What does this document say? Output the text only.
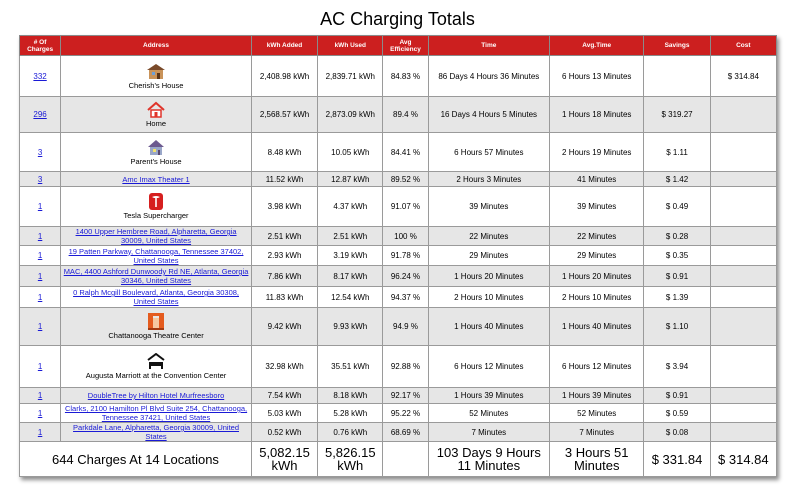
AC Charging Totals
# Of Charges	Address	kWh Added	kWh Used	Avg Efficiency	Time	Avg.Time	Savings	Cost
332	Cherish's House	2,408.98 kWh	2,839.71 kWh	84.83 %	86 Days 4 Hours 36 Minutes	6 Hours 13 Minutes		$ 314.84
296	Home	2,568.57 kWh	2,873.09 kWh	89.4 %	16 Days 4 Hours 5 Minutes	1 Hours 18 Minutes	$ 319.27	
3	Parent's House	8.48 kWh	10.05 kWh	84.41 %	6 Hours 57 Minutes	2 Hours 19 Minutes	$ 1.11	
3	Amc Imax Theater 1	11.52 kWh	12.87 kWh	89.52 %	2 Hours 3 Minutes	41 Minutes	$ 1.42	
1	Tesla Supercharger	3.98 kWh	4.37 kWh	91.07 %	39 Minutes	39 Minutes	$ 0.49	
1	1400 Upper Hembree Road, Alpharetta, Georgia 30009, United States	2.51 kWh	2.51 kWh	100 %	22 Minutes	22 Minutes	$ 0.28	
1	19 Patten Parkway, Chattanooga, Tennessee 37402, United States	2.93 kWh	3.19 kWh	91.78 %	29 Minutes	29 Minutes	$ 0.35	
1	MAC, 4400 Ashford Dunwoody Rd NE, Atlanta, Georgia 30346, United States	7.86 kWh	8.17 kWh	96.24 %	1 Hours 20 Minutes	1 Hours 20 Minutes	$ 0.91	
1	0 Ralph Mcgill Boulevard, Atlanta, Georgia 30308, United States	11.83 kWh	12.54 kWh	94.37 %	2 Hours 10 Minutes	2 Hours 10 Minutes	$ 1.39	
1	Chattanooga Theatre Center	9.42 kWh	9.93 kWh	94.9 %	1 Hours 40 Minutes	1 Hours 40 Minutes	$ 1.10	
1	Augusta Marriott at the Convention Center	32.98 kWh	35.51 kWh	92.88 %	6 Hours 12 Minutes	6 Hours 12 Minutes	$ 3.94	
1	DoubleTree by Hilton Hotel Murfreesboro	7.54 kWh	8.18 kWh	92.17 %	1 Hours 39 Minutes	1 Hours 39 Minutes	$ 0.91	
1	Clarks, 2100 Hamilton Pl Blvd Suite 254, Chattanooga, Tennessee 37421, United States	5.03 kWh	5.28 kWh	95.22 %	52 Minutes	52 Minutes	$ 0.59	
1	Parkdale Lane, Alpharetta, Georgia 30009, United States	0.52 kWh	0.76 kWh	68.69 %	7 Minutes	7 Minutes	$ 0.08	
644 Charges At 14 Locations		5,082.15 kWh	5,826.15 kWh		103 Days 9 Hours 11 Minutes	3 Hours 51 Minutes	$ 331.84	$ 314.84
